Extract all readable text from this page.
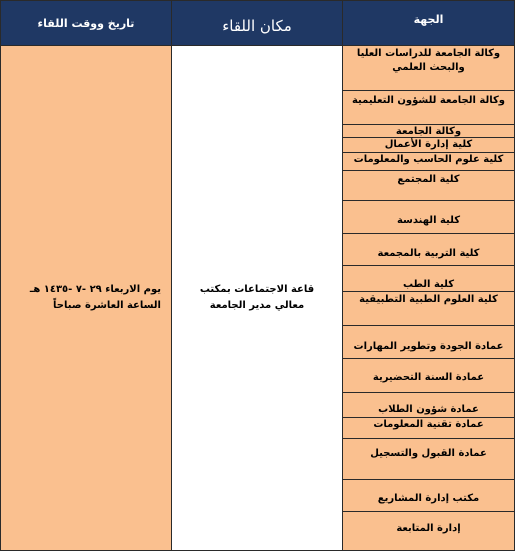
تاريخ ووقت اللقاء	مكان اللقاء	الجهة
يوم الاربعاء ٢٩ -٧ -١٤٣٥ هـ
الساعة العاشرة صباحاً
قاعة الاجتماعات بمكتب معالي مدير الجامعة
وكالة الجامعة للدراسات العليا والبحث العلمي
وكالة الجامعة للشؤون التعليمية
وكالة الجامعة
كلية إدارة الأعمال
كلية علوم الحاسب والمعلومات
كلية المجتمع
كلية الهندسة
كلية التربية بالمجمعة
كلية الطب
كلية العلوم الطبية التطبيقية
عمادة الجودة وتطوير المهارات
عمادة السنة التحضيرية
عمادة شؤون الطلاب
عمادة تقنية المعلومات
عمادة القبول والتسجيل
مكتب إدارة المشاريع
إدارة المتابعة
